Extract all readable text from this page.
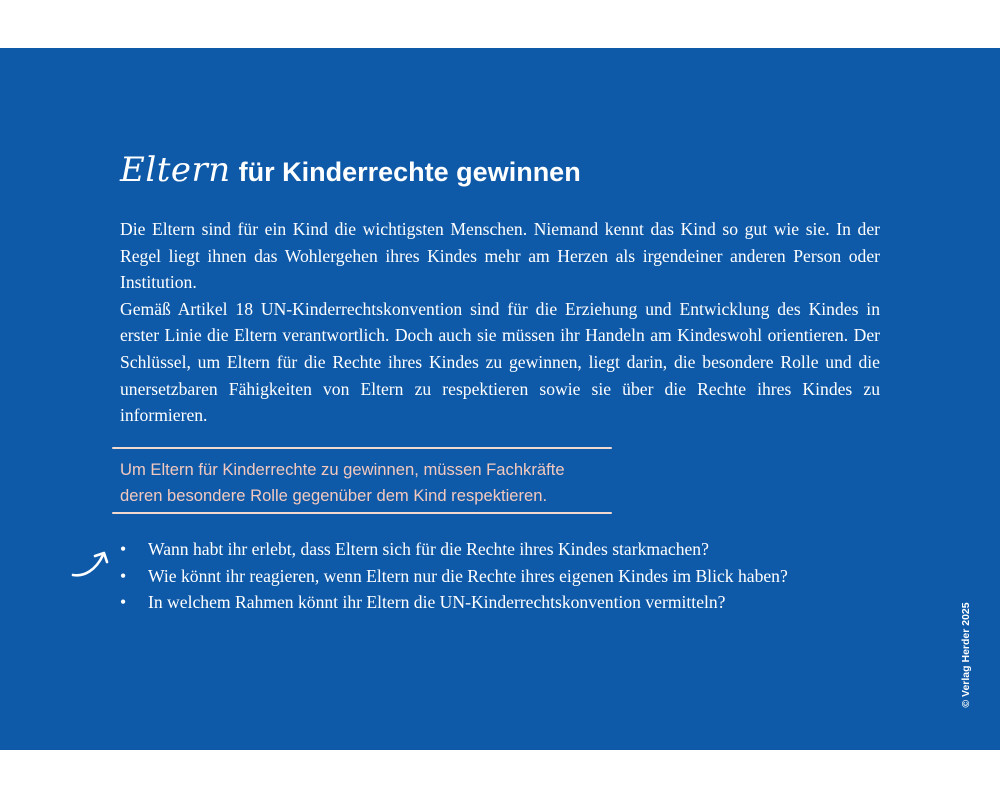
Eltern für Kinderrechte gewinnen

Die Eltern sind für ein Kind die wichtigsten Menschen. Niemand kennt das Kind so gut wie sie. In der Regel liegt ihnen das Wohlergehen ihres Kindes mehr am Herzen als irgendeiner anderen Person oder Institution.

Gemäß Artikel 18 UN-Kinderrechtskonvention sind für die Erziehung und Entwicklung des Kindes in erster Linie die Eltern verantwortlich. Doch auch sie müssen ihr Handeln am Kindeswohl orientieren. Der Schlüssel, um Eltern für die Rechte ihres Kindes zu gewinnen, liegt darin, die besondere Rolle und die unersetzbaren Fähigkeiten von Eltern zu respektieren sowie sie über die Rechte ihres Kindes zu informieren.

Um Eltern für Kinderrechte zu gewinnen, müssen Fachkräfte

deren besondere Rolle gegenüber dem Kind respektieren.

• Wann habt ihr erlebt, dass Eltern sich für die Rechte ihres Kindes starkmachen?
• Wie könnt ihr reagieren, wenn Eltern nur die Rechte ihres eigenen Kindes im Blick haben?
• In welchem Rahmen könnt ihr Eltern die UN-Kinderrechtskonvention vermitteln?
© Verlag Herder 2025
